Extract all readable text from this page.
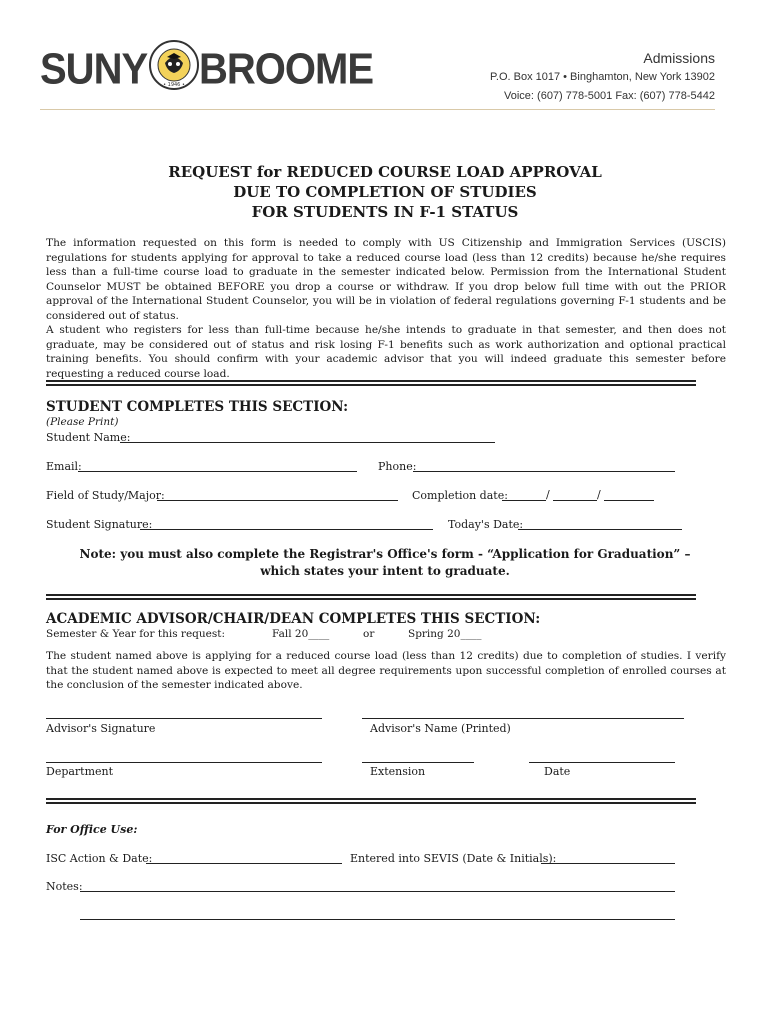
SUNY	• 1946 • BROOME	Admissions
P.O. Box 1017 • Binghamton, New York 13902
Voice: (607) 778-5001 Fax: (607) 778-5442
REQUEST for REDUCED COURSE LOAD APPROVAL
DUE TO COMPLETION OF STUDIES
FOR STUDENTS IN F-1 STATUS
The information requested on this form is needed to comply with US Citizenship and Immigration Services (USCIS) regulations for students applying for approval to take a reduced course load (less than 12 credits) because he/she requires less than a full-time course load to graduate in the semester indicated below. Permission from the International Student Counselor MUST be obtained BEFORE you drop a course or withdraw. If you drop below full time with out the PRIOR approval of the International Student Counselor, you will be in violation of federal regulations governing F-1 students and be considered out of status.
A student who registers for less than full-time because he/she intends to graduate in that semester, and then does not graduate, may be considered out of status and risk losing F-1 benefits such as work authorization and optional practical training benefits. You should confirm with your academic advisor that you will indeed graduate this semester before requesting a reduced course load.
STUDENT COMPLETES THIS SECTION:
(Please Print)
Student Name:
Email:	Phone:
Field of Study/Major:	Completion date:	/	/
Student Signature:	Today's Date:
Note: you must also complete the Registrar's Office's form - “Application for Graduation” –
which states your intent to graduate.
ACADEMIC ADVISOR/CHAIR/DEAN COMPLETES THIS SECTION:
Semester & Year for this request:	Fall 20____	or	Spring 20____
The student named above is applying for a reduced course load (less than 12 credits) due to completion of studies. I verify that the student named above is expected to meet all degree requirements upon successful completion of enrolled courses at the conclusion of the semester indicated above.
Advisor's Signature	Advisor's Name (Printed)
Department	Extension	Date
For Office Use:
ISC Action & Date:	Entered into SEVIS (Date & Initials):
Notes:
